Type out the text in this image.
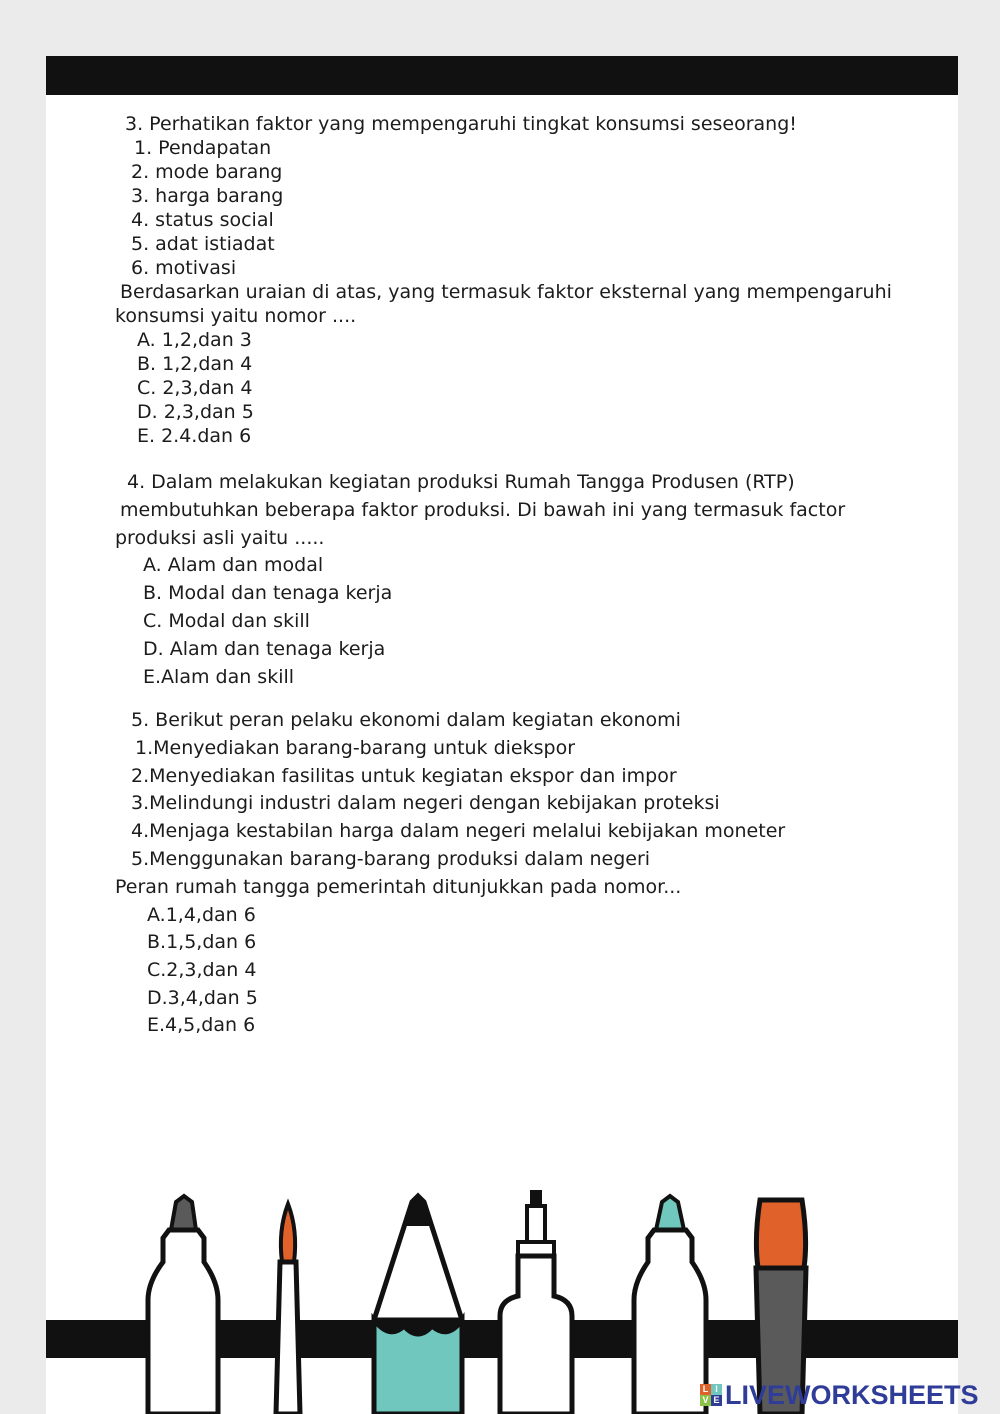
3. Perhatikan faktor yang mempengaruhi tingkat konsumsi seseorang!
1. Pendapatan
2. mode barang
3. harga barang
4. status social
5. adat istiadat
6. motivasi
Berdasarkan uraian di atas, yang termasuk faktor eksternal yang mempengaruhi
konsumsi yaitu nomor ....
A. 1,2,dan 3
B. 1,2,dan 4
C. 2,3,dan 4
D. 2,3,dan 5
E. 2.4.dan 6
4. Dalam melakukan kegiatan produksi Rumah Tangga Produsen (RTP)
membutuhkan beberapa faktor produksi. Di bawah ini yang termasuk factor
produksi asli yaitu .....
A. Alam dan modal
B. Modal dan tenaga kerja
C. Modal dan skill
D. Alam dan tenaga kerja
E.Alam dan skill
5. Berikut peran pelaku ekonomi dalam kegiatan ekonomi
1.Menyediakan barang-barang untuk diekspor
2.Menyediakan fasilitas untuk kegiatan ekspor dan impor
3.Melindungi industri dalam negeri dengan kebijakan proteksi
4.Menjaga kestabilan harga dalam negeri melalui kebijakan moneter
5.Menggunakan barang-barang produksi dalam negeri
Peran rumah tangga pemerintah ditunjukkan pada nomor...
A.1,4,dan 6
B.1,5,dan 6
C.2,3,dan 4
D.3,4,dan 5
E.4,5,dan 6
L I
V E LIVEWORKSHEETS
